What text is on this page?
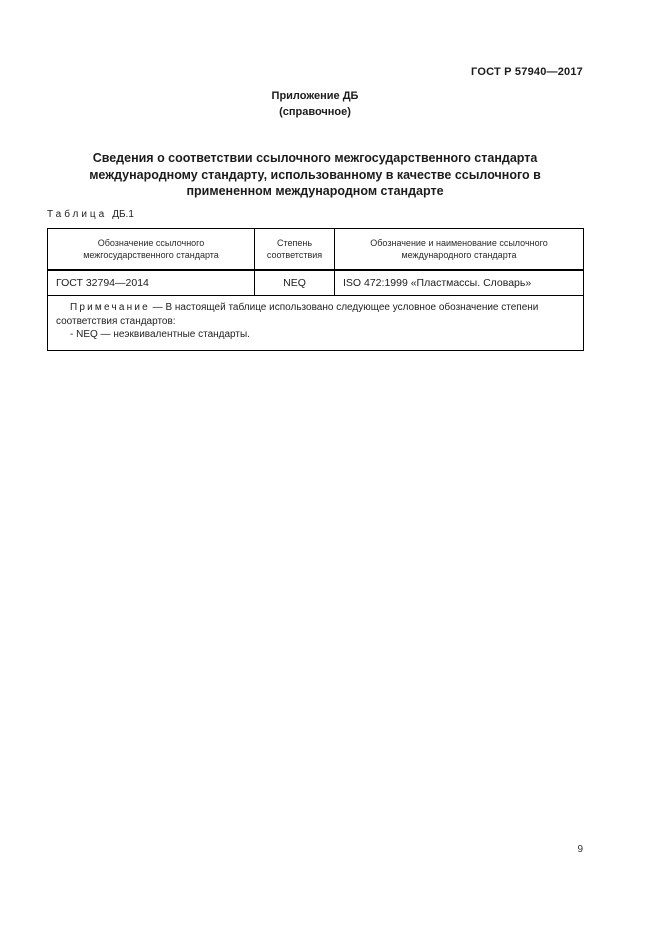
ГОСТ Р 57940—2017
Приложение ДБ
(справочное)
Сведения о соответствии ссылочного межгосударственного стандарта международному стандарту, использованному в качестве ссылочного в примененном международном стандарте
Таблица ДБ.1
Обозначение ссылочного межгосударственного стандарта	Степень соответствия	Обозначение и наименование ссылочного международного стандарта
ГОСТ 32794—2014	NEQ	ISO 472:1999 «Пластмассы. Словарь»

Примечание — В настоящей таблице использовано следующее условное обозначение степени соответствия стандартов:

- NEQ — неэквивалентные стандарты.		

9
